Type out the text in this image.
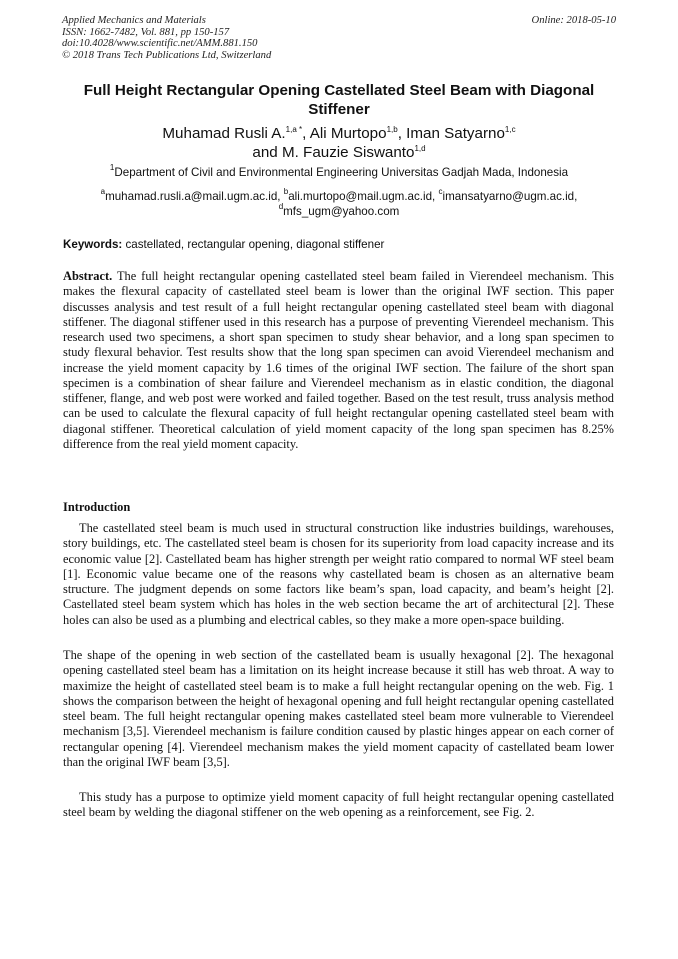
Applied Mechanics and Materials
ISSN: 1662-7482, Vol. 881, pp 150-157
doi:10.4028/www.scientific.net/AMM.881.150
© 2018 Trans Tech Publications Ltd, Switzerland
Online: 2018-05-10
Full Height Rectangular Opening Castellated Steel Beam with Diagonal Stiffener
Muhamad Rusli A.$^{1,a *}$, Ali Murtopo$^{1,b}$, Iman Satyarno$^{1,c}$
and M. Fauzie Siswanto$^{1,d}$
$^1$Department of Civil and Environmental Engineering Universitas Gadjah Mada, Indonesia
$^a$muhamad.rusli.a@mail.ugm.ac.id, $^b$ali.murtopo@mail.ugm.ac.id, $^c$imansatyarno@ugm.ac.id,
$^d$mfs_ugm@yahoo.com
Keywords: castellated, rectangular opening, diagonal stiffener
Abstract. The full height rectangular opening castellated steel beam failed in Vierendeel mechanism. This makes the flexural capacity of castellated steel beam is lower than the original IWF section. This paper discusses analysis and test result of a full height rectangular opening castellated steel beam with diagonal stiffener. The diagonal stiffener used in this research has a purpose of preventing Vierendeel mechanism. This research used two specimens, a short span specimen to study shear behavior, and a long span specimen to study flexural behavior. Test results show that the long span specimen can avoid Vierendeel mechanism and increase the yield moment capacity by 1.6 times of the original IWF section. The failure of the short span specimen is a combination of shear failure and Vierendeel mechanism as in elastic condition, the diagonal stiffener, flange, and web post were worked and failed together. Based on the test result, truss analysis method can be used to calculate the flexural capacity of full height rectangular opening castellated steel beam with diagonal stiffener. Theoretical calculation of yield moment capacity of the long span specimen has 8.25% difference from the real yield moment capacity.
Introduction

The castellated steel beam is much used in structural construction like industries buildings, warehouses, story buildings, etc. The castellated steel beam is chosen for its superiority from load capacity increase and its economic value [2]. Castellated beam has higher strength per weight ratio compared to normal WF steel beam [1]. Economic value became one of the reasons why castellated beam is chosen as an alternative beam structure. The judgment depends on some factors like beam’s span, load capacity, and beam’s height [2]. Castellated steel beam system which has holes in the web section became the art of architectural [2]. These holes can also be used as a plumbing and electrical cables, so they make a more open-space building.

The shape of the opening in web section of the castellated beam is usually hexagonal [2]. The hexagonal opening castellated steel beam has a limitation on its height increase because it still has web throat. A way to maximize the height of castellated steel beam is to make a full height rectangular opening on the web. Fig. 1 shows the comparison between the height of hexagonal opening and full height rectangular opening castellated steel beam. The full height rectangular opening makes castellated steel beam more vulnerable to Vierendeel mechanism [3,5]. Vierendeel mechanism is failure condition caused by plastic hinges appear on each corner of rectangular opening [4]. Vierendeel mechanism makes the yield moment capacity of castellated beam lower than the original IWF beam [3,5].

This study has a purpose to optimize yield moment capacity of full height rectangular opening castellated steel beam by welding the diagonal stiffener on the web opening as a reinforcement, see Fig. 2.
